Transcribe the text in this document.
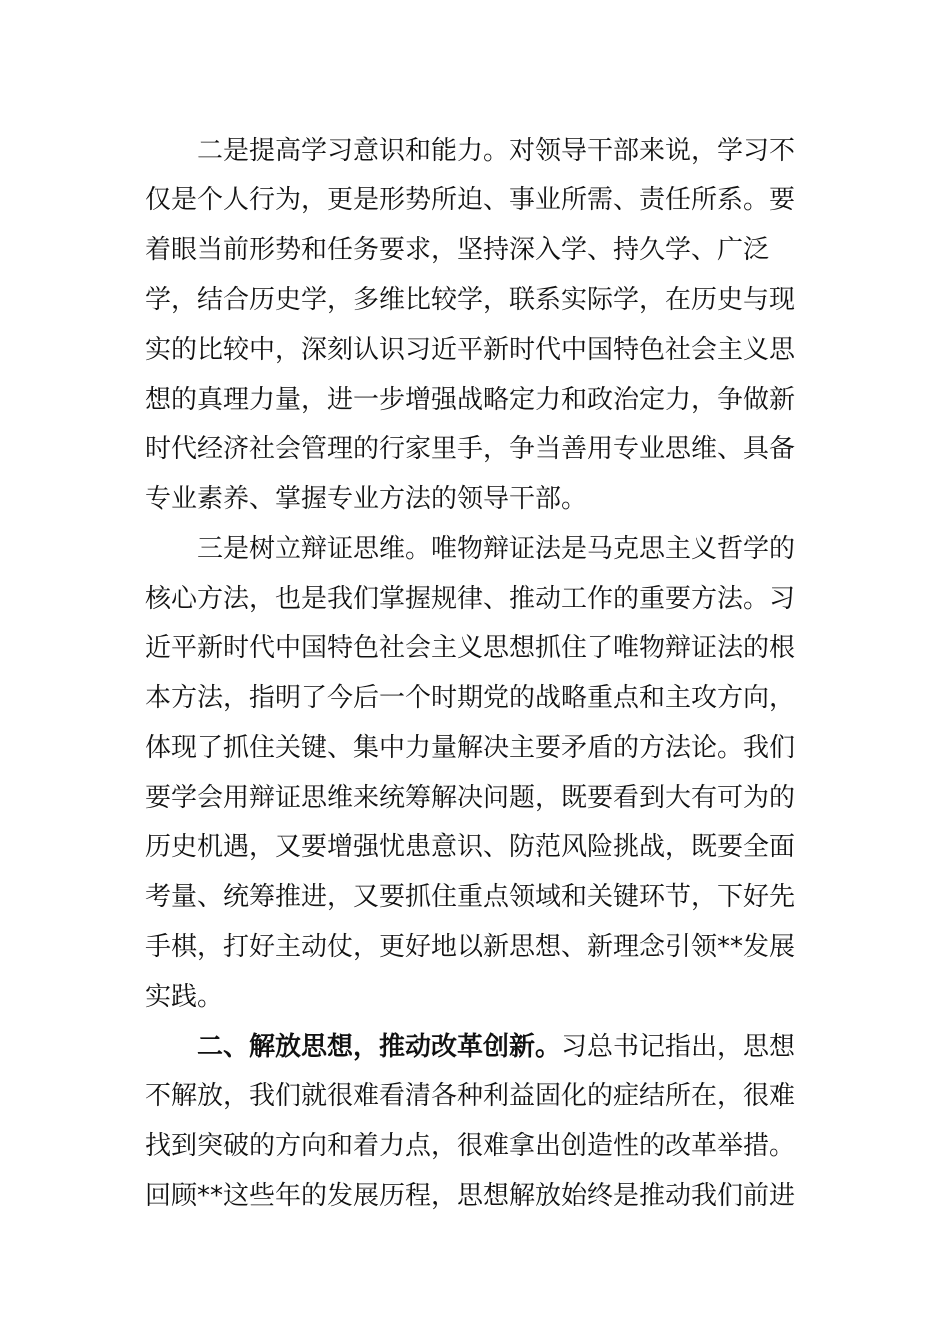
二是提高学习意识和能力。对领导干部来说，学习不
仅是个人行为，更是形势所迫、事业所需、责任所系。要
着眼当前形势和任务要求，坚持深入学、持久学、广泛
学，结合历史学，多维比较学，联系实际学，在历史与现
实的比较中，深刻认识习近平新时代中国特色社会主义思
想的真理力量，进一步增强战略定力和政治定力，争做新
时代经济社会管理的行家里手，争当善用专业思维、具备
专业素养、掌握专业方法的领导干部。
三是树立辩证思维。唯物辩证法是马克思主义哲学的
核心方法，也是我们掌握规律、推动工作的重要方法。习
近平新时代中国特色社会主义思想抓住了唯物辩证法的根
本方法，指明了今后一个时期党的战略重点和主攻方向，
体现了抓住关键、集中力量解决主要矛盾的方法论。我们
要学会用辩证思维来统筹解决问题，既要看到大有可为的
历史机遇，又要增强忧患意识、防范风险挑战，既要全面
考量、统筹推进，又要抓住重点领域和关键环节，下好先
手棋，打好主动仗，更好地以新思想、新理念引领**发展
实践。
二、解放思想，推动改革创新。习总书记指出，思想
不解放，我们就很难看清各种利益固化的症结所在，很难
找到突破的方向和着力点，很难拿出创造性的改革举措。
回顾**这些年的发展历程，思想解放始终是推动我们前进
